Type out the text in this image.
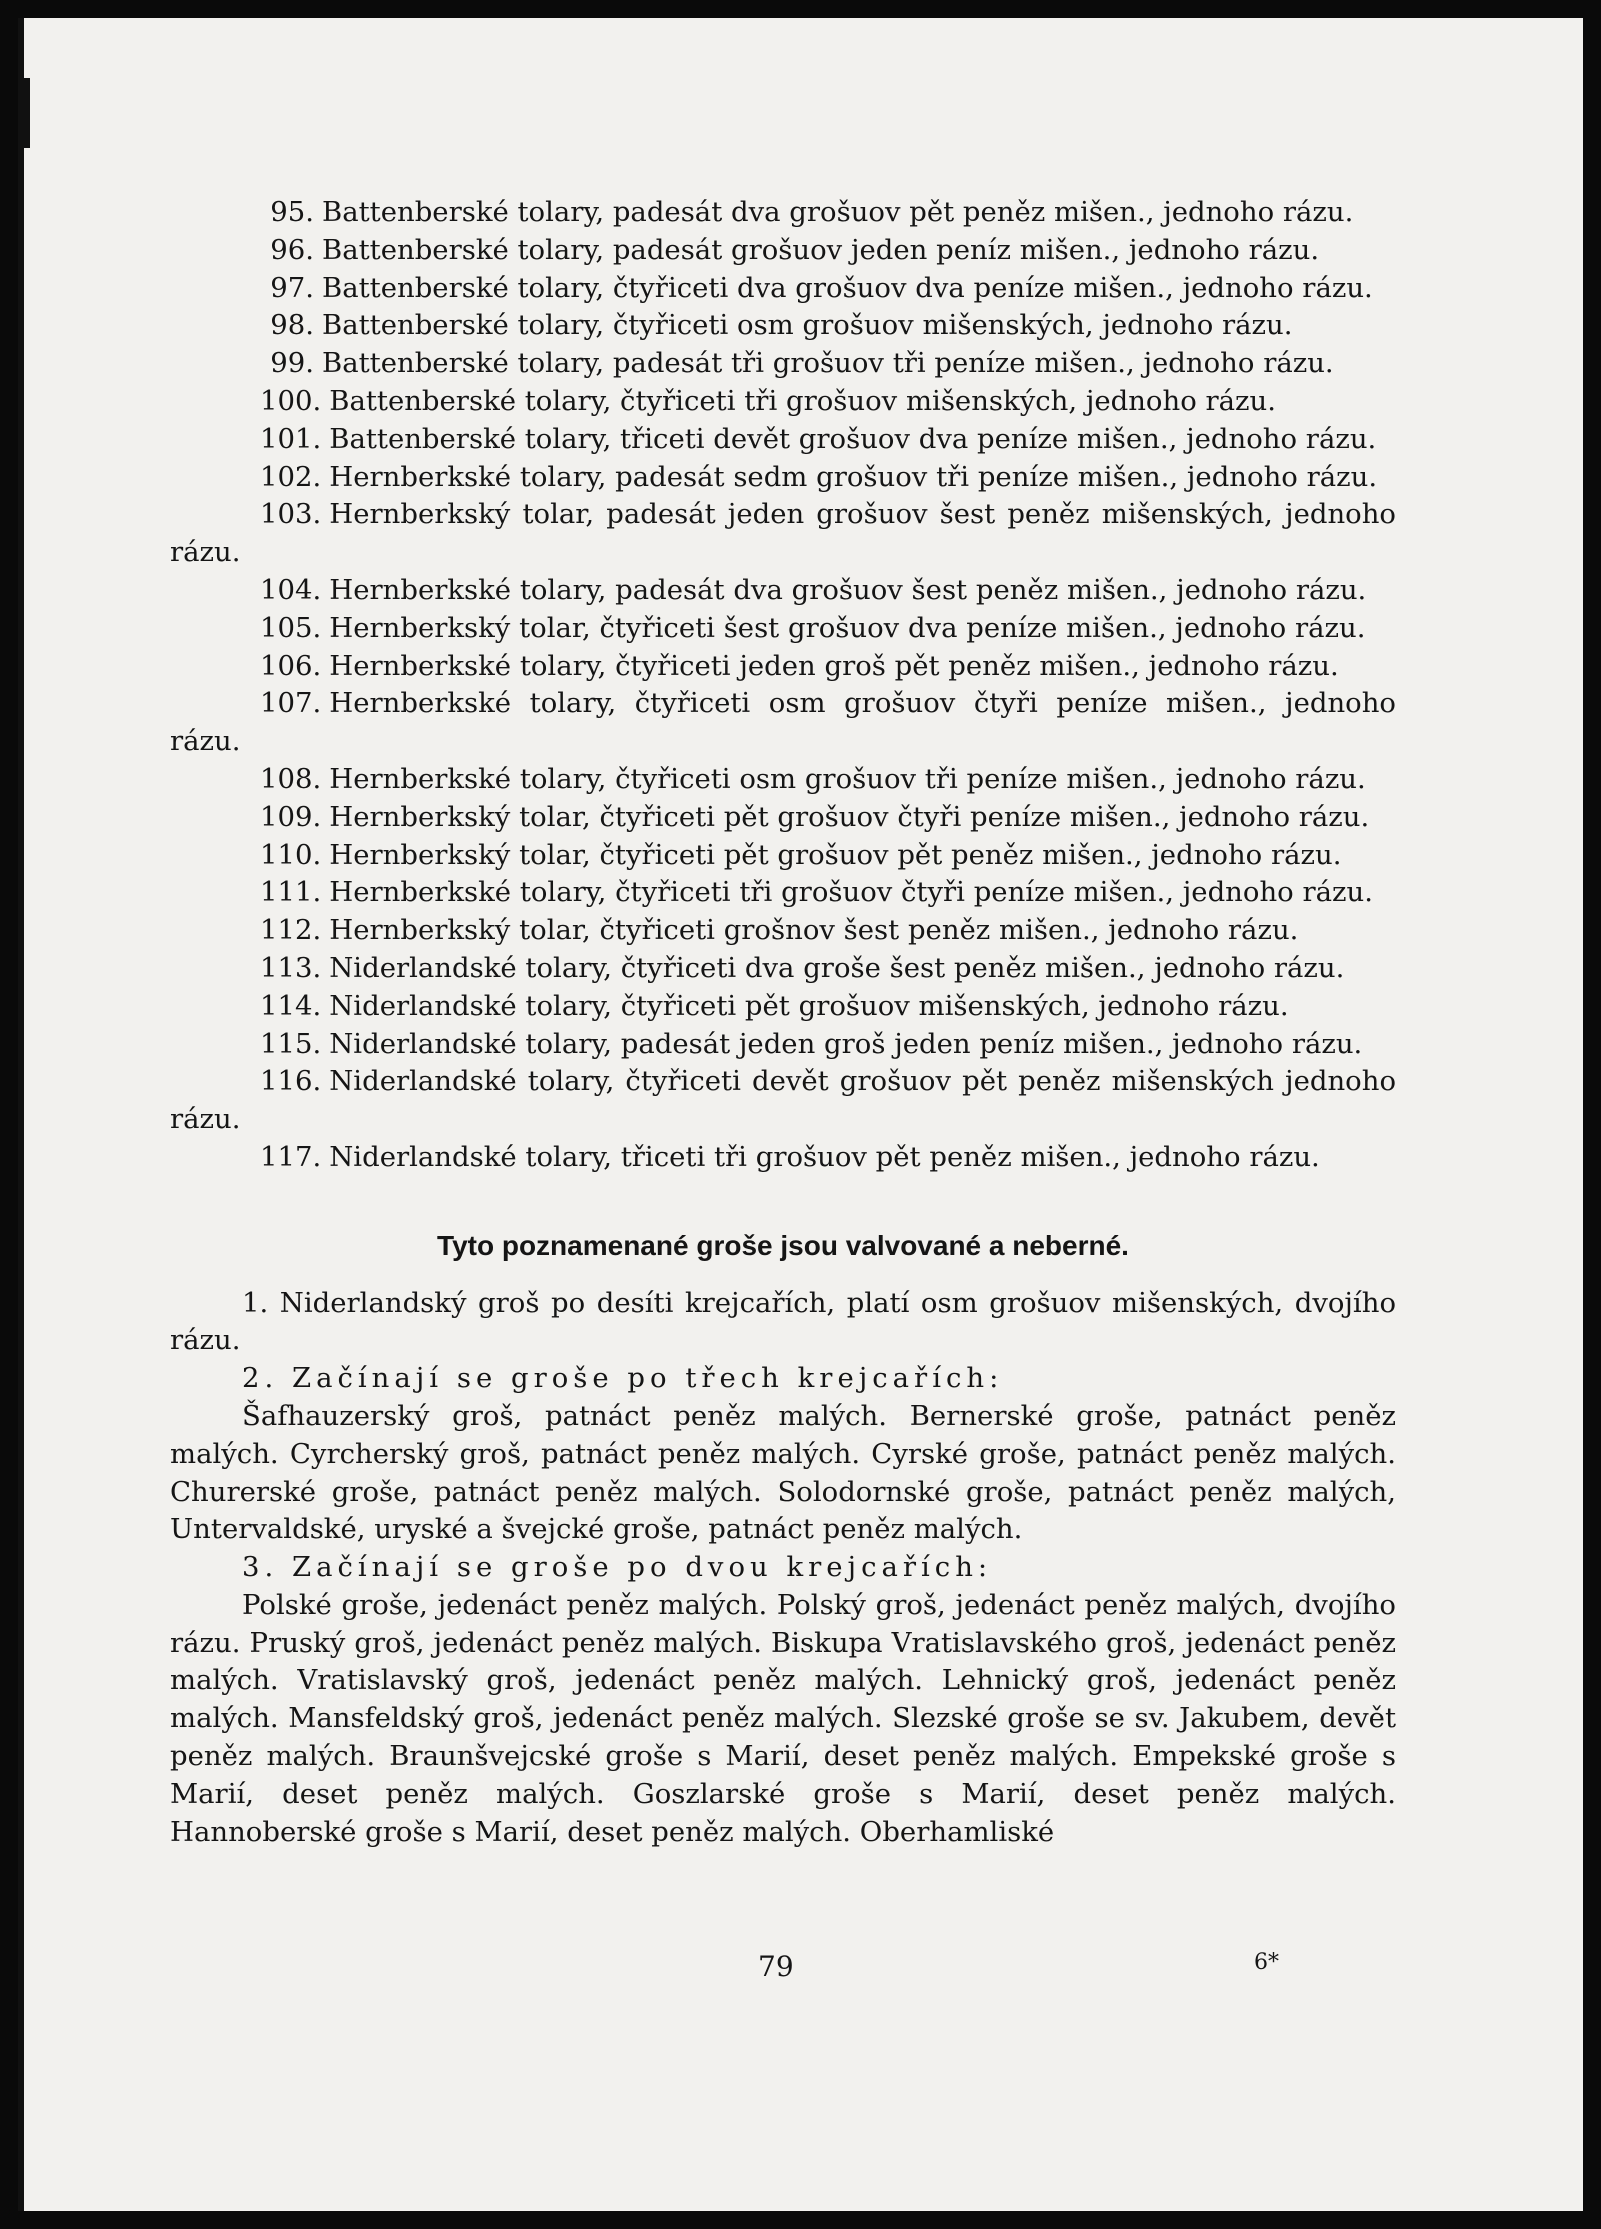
95. Battenberské tolary, padesát dva grošuov pět peněz mišen., jednoho rázu.

96. Battenberské tolary, padesát grošuov jeden peníz mišen., jednoho rázu.

97. Battenberské tolary, čtyřiceti dva grošuov dva peníze mišen., jednoho rázu.

98. Battenberské tolary, čtyřiceti osm grošuov mišenských, jednoho rázu.

99. Battenberské tolary, padesát tři grošuov tři peníze mišen., jednoho rázu.

100. Battenberské tolary, čtyřiceti tři grošuov mišenských, jednoho rázu.

101. Battenberské tolary, třiceti devět grošuov dva peníze mišen., jednoho rázu.

102. Hernberkské tolary, padesát sedm grošuov tři peníze mišen., jednoho rázu.

103. Hernberkský tolar, padesát jeden grošuov šest peněz mišenských, jednoho rázu.

104. Hernberkské tolary, padesát dva grošuov šest peněz mišen., jednoho rázu.

105. Hernberkský tolar, čtyřiceti šest grošuov dva peníze mišen., jednoho rázu.

106. Hernberkské tolary, čtyřiceti jeden groš pět peněz mišen., jednoho rázu.

107. Hernberkské tolary, čtyřiceti osm grošuov čtyři peníze mišen., jednoho rázu.

108. Hernberkské tolary, čtyřiceti osm grošuov tři peníze mišen., jednoho rázu.

109. Hernberkský tolar, čtyřiceti pět grošuov čtyři peníze mišen., jednoho rázu.

110. Hernberkský tolar, čtyřiceti pět grošuov pět peněz mišen., jednoho rázu.

111. Hernberkské tolary, čtyřiceti tři grošuov čtyři peníze mišen., jednoho rázu.

112. Hernberkský tolar, čtyřiceti grošnov šest peněz mišen., jednoho rázu.

113. Niderlandské tolary, čtyřiceti dva groše šest peněz mišen., jednoho rázu.

114. Niderlandské tolary, čtyřiceti pět grošuov mišenských, jednoho rázu.

115. Niderlandské tolary, padesát jeden groš jeden peníz mišen., jednoho rázu.

116. Niderlandské tolary, čtyřiceti devět grošuov pět peněz mišenských jednoho rázu.

117. Niderlandské tolary, třiceti tři grošuov pět peněz mišen., jednoho rázu.

Tyto poznamenané groše jsou valvované a neberné.

1. Niderlandský groš po desíti krejcařích, platí osm grošuov mišenských, dvojího rázu.

2. Začínají se groše po třech krejcařích:

Šafhauzerský groš, patnáct peněz malých. Bernerské groše, patnáct peněz malých. Cyrcherský groš, patnáct peněz malých. Cyrské groše, patnáct peněz malých. Churerské groše, patnáct peněz malých. Solodornské groše, patnáct peněz malých, Untervaldské, uryské a švejcké groše, patnáct peněz malých.

3. Začínají se groše po dvou krejcařích:

Polské groše, jedenáct peněz malých. Polský groš, jedenáct peněz malých, dvojího rázu. Pruský groš, jedenáct peněz malých. Biskupa Vratislavského groš, jedenáct peněz malých. Vratislavský groš, jedenáct peněz malých. Lehnický groš, jedenáct peněz malých. Mansfeldský groš, jedenáct peněz malých. Slezské groše se sv. Jakubem, devět peněz malých. Braunšvejcské groše s Marií, deset peněz malých. Empekské groše s Marií, deset peněz malých. Goszlarské groše s Marií, deset peněz malých. Hannoberské groše s Marií, deset peněz malých. Oberhamliské

79	6*
